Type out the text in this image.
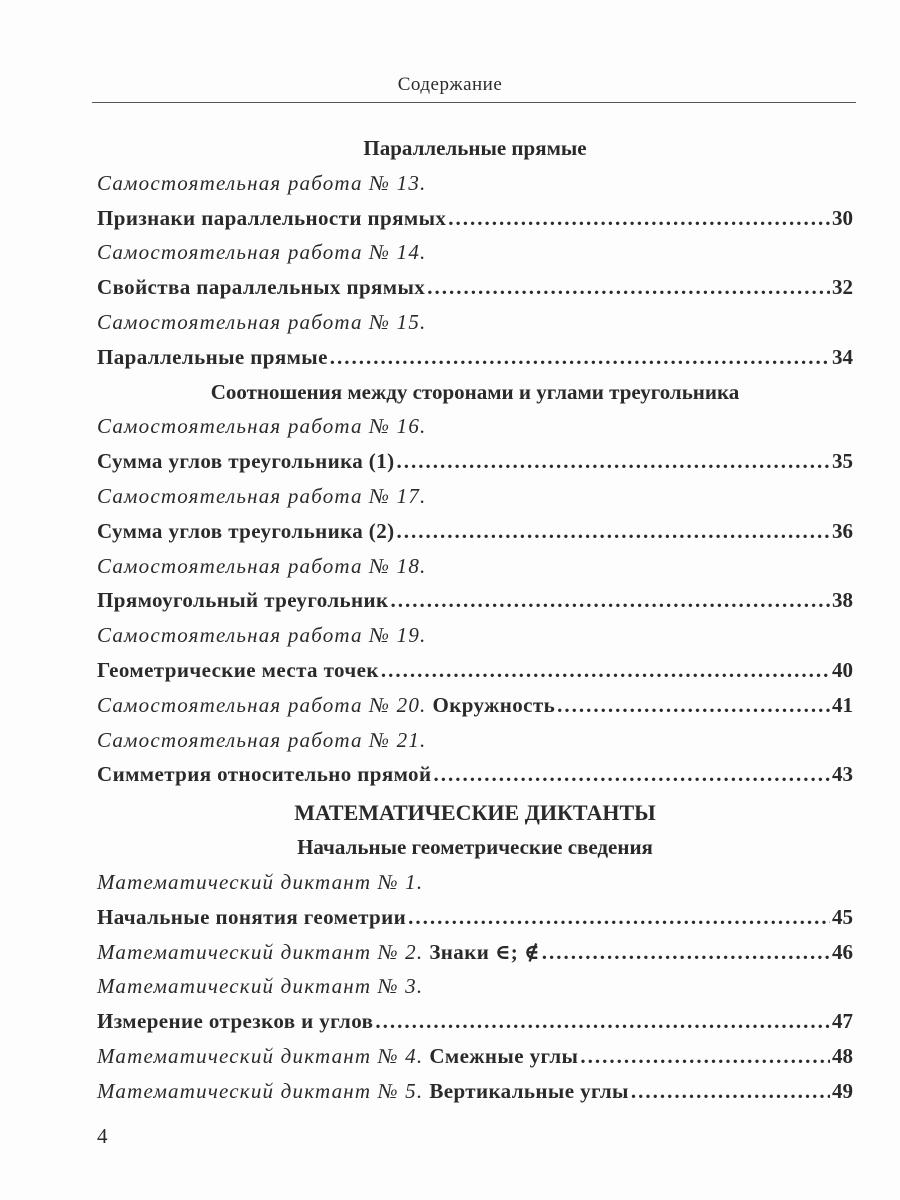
Содержание
Параллельные прямые
Самостоятельная работа № 13.
Признаки параллельности прямых .....	30
Самостоятельная работа № 14.
Свойства параллельных прямых .....	32
Самостоятельная работа № 15.
Параллельные прямые .....	34
Соотношения между сторонами и углами треугольника
Самостоятельная работа № 16.
Сумма углов треугольника (1) .....	35
Самостоятельная работа № 17.
Сумма углов треугольника (2) .....	36
Самостоятельная работа № 18.
Прямоугольный треугольник .....	38
Самостоятельная работа № 19.
Геометрические места точек .....	40
Самостоятельная работа № 20. Окружность .....	41
Самостоятельная работа № 21.
Симметрия относительно прямой .....	43
МАТЕМАТИЧЕСКИЕ ДИКТАНТЫ
Начальные геометрические сведения
Математический диктант № 1.
Начальные понятия геометрии .....	45
Математический диктант № 2. Знаки ∈; ∉ .....	46
Математический диктант № 3.
Измерение отрезков и углов .....	47
Математический диктант № 4. Смежные углы .....	48
Математический диктант № 5. Вертикальные углы .....	49
4
